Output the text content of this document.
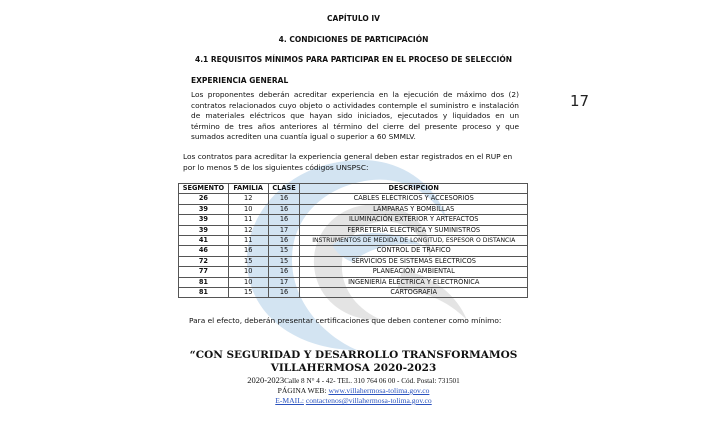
CAPÍTULO IV
4. CONDICIONES DE PARTICIPACIÓN
4.1 REQUISITOS MÍNIMOS PARA PARTICIPAR EN EL PROCESO DE SELECCIÓN
EXPERIENCIA GENERAL
17
Los proponentes deberán acreditar experiencia en la ejecución de máximo dos (2) contratos relacionados cuyo objeto o actividades contemple el suministro e instalación de materiales eléctricos que hayan sido iniciados, ejecutados y liquidados en un término de tres años anteriores al término del cierre del presente proceso y que sumados acrediten una cuantía igual o superior a 60 SMMLV.
Los contratos para acreditar la experiencia general deben estar registrados en el RUP en por lo menos 5 de los siguientes códigos UNSPSC:
SEGMENTO	FAMILIA	CLASE	DESCRIPCION
26	12	16	CABLES ELÉCTRICOS Y ACCESORIOS
39	10	16	LÁMPARAS Y BOMBILLAS
39	11	16	ILUMINACIÓN EXTERIOR Y ARTEFACTOS
39	12	17	FERRETERÍA ELÉCTRICA Y SUMINISTROS
41	11	16	INSTRUMENTOS DE MEDIDA DE LONGITUD, ESPESOR O DISTANCIA
46	16	15	CONTROL DE TRÁFICO
72	15	15	SERVICIOS DE SISTEMAS ELÉCTRICOS
77	10	16	PLANEACIÓN AMBIENTAL
81	10	17	INGENIERÍA ELÉCTRICA Y ELECTRÓNICA
81	15	16	CARTOGRAFÍA
Para el efecto, deberán presentar certificaciones que deben contener como mínimo:
“CON SEGURIDAD Y DESARROLLO TRANSFORMAMOS
VILLAHERMOSA 2020-2023
2020-2023Calle 8 N° 4 - 42- TEL. 310 764 06 00 - Cód. Postal: 731501
PÁGINA WEB: www.villahermosa-tolima.gov.co
E-MAIL: contactenos@villahermosa-tolima.gov.co
